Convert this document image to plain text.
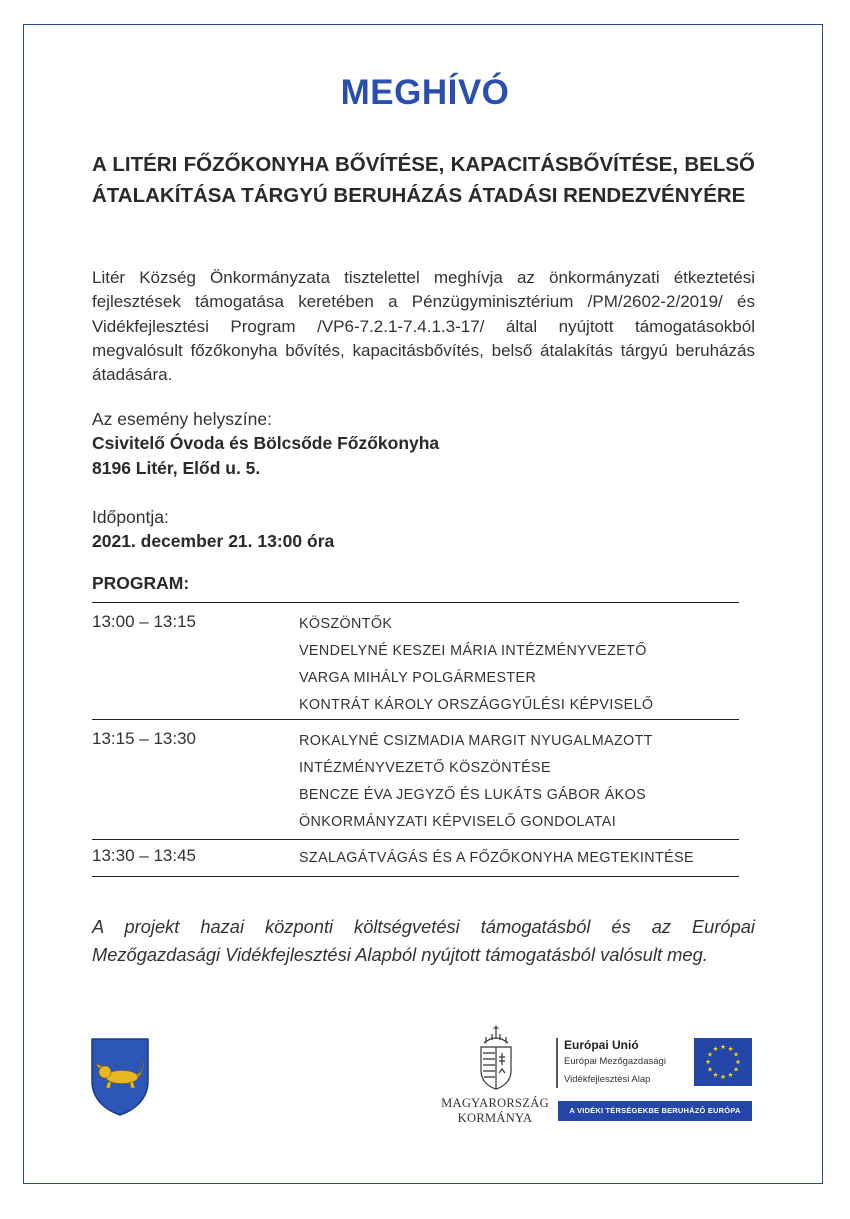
MEGHÍVÓ

A LITÉRI FŐZŐKONYHA BŐVÍTÉSE, KAPACITÁSBŐVÍTÉSE, BELSŐ ÁTALAKÍTÁSA TÁRGYÚ BERUHÁZÁS ÁTADÁSI RENDEZVÉNYÉRE

Litér Község Önkormányzata tisztelettel meghívja az önkormányzati étkeztetési fejlesztések támogatása keretében a Pénzügyminisztérium /PM/2602-2/2019/ és Vidékfejlesztési Program /VP6-7.2.1-7.4.1.3-17/ által nyújtott támogatásokból megvalósult főzőkonyha bővítés, kapacitásbővítés, belső átalakítás tárgyú beruházás átadására.

Az esemény helyszíne:
Csivitelő Óvoda és Bölcsőde Főzőkonyha
8196 Litér, Előd u. 5.
Időpontja:
2021. december 21. 13:00 óra
PROGRAM:
13:00 – 13:15	KÖSZÖNTŐK
VENDELYNÉ KESZEI MÁRIA INTÉZMÉNYVEZETŐ
VARGA MIHÁLY POLGÁRMESTER
KONTRÁT KÁROLY ORSZÁGGYŰLÉSI KÉPVISELŐ
13:15 – 13:30	ROKALYNÉ CSIZMADIA MARGIT NYUGALMAZOTT
INTÉZMÉNYVEZETŐ KÖSZÖNTÉSE
BENCZE ÉVA JEGYZŐ ÉS LUKÁTS GÁBOR ÁKOS
ÖNKORMÁNYZATI KÉPVISELŐ GONDOLATAI
13:30 – 13:45	SZALAGÁTVÁGÁS ÉS A FŐZŐKONYHA MEGTEKINTÉSE

A projekt hazai központi költségvetési támogatásból és az Európai Mezőgazdasági Vidékfejlesztési Alapból nyújtott támogatásból valósult meg.

MAGYARORSZÁG
KORMÁNYA
Európai Unió
Európai Mezőgazdasági
Vidékfejlesztési Alap
★
★
★
★
★
★
★
★
★ ★ ★
★
A VIDÉKI TÉRSÉGEKBE BERUHÁZÓ EURÓPA
